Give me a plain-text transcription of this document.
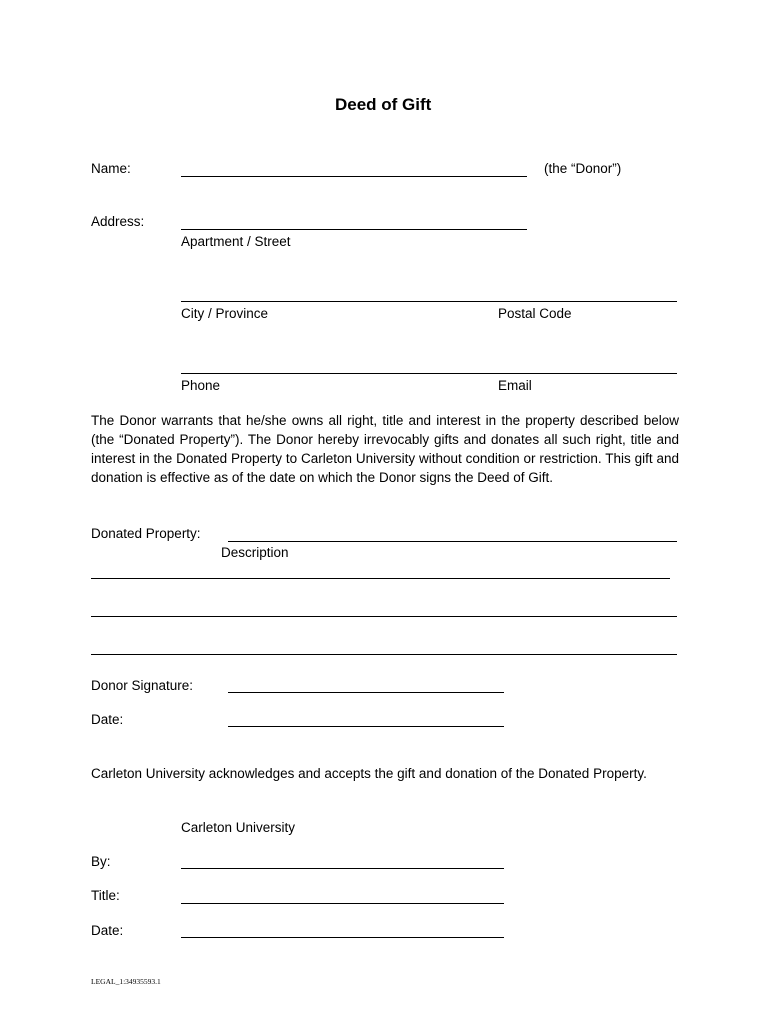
Deed of Gift
Name:	(the “Donor”)
Address:
Apartment / Street
City / Province	Postal Code
Phone	Email
The Donor warrants that he/she owns all right, title and interest in the property described below (the “Donated Property”). The Donor hereby irrevocably gifts and donates all such right, title and interest in the Donated Property to Carleton University without condition or restriction. This gift and donation is effective as of the date on which the Donor signs the Deed of Gift.
Donated Property:
Description
Donor Signature:
Date:
Carleton University acknowledges and accepts the gift and donation of the Donated Property.
Carleton University
By:
Title:
Date:
LEGAL_1:34935593.1
